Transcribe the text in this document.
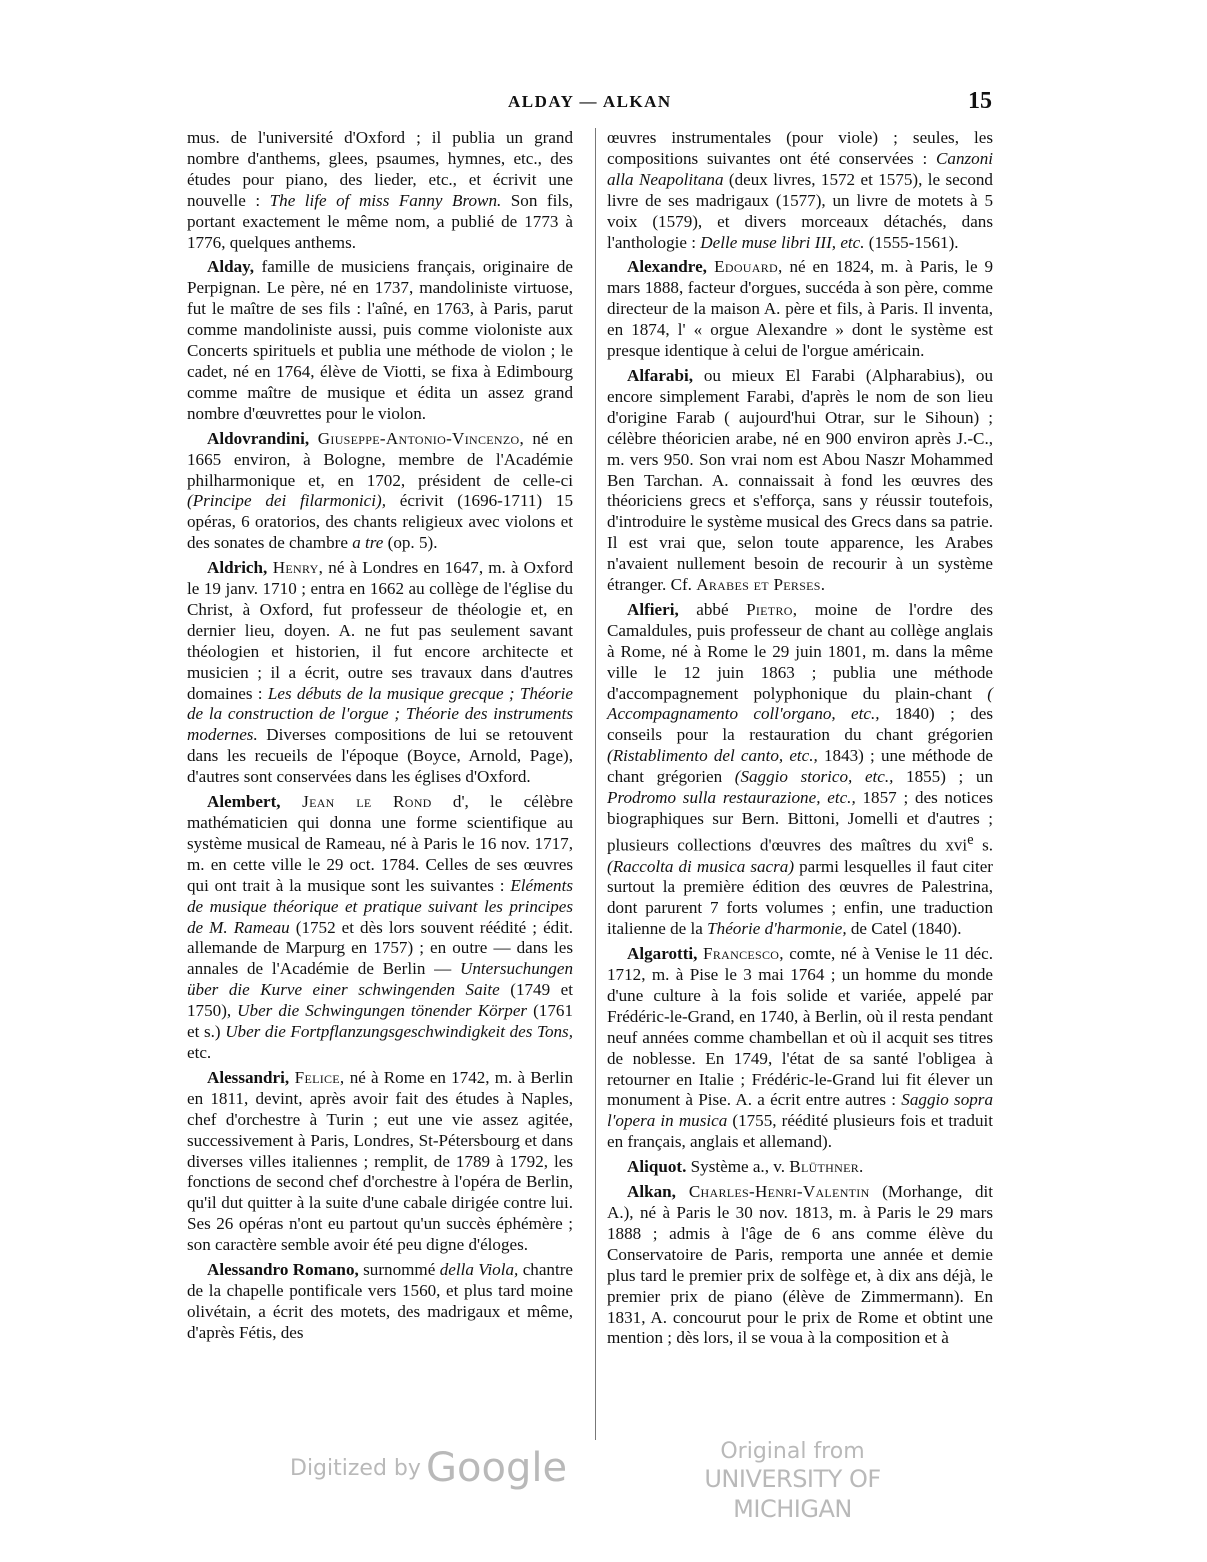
ALDAY — ALKAN	15

mus. de l'université d'Oxford ; il publia un grand nombre d'anthems, glees, psaumes, hymnes, etc., des études pour piano, des lieder, etc., et écrivit une nouvelle : The life of miss Fanny Brown. Son fils, portant exactement le même nom, a publié de 1773 à 1776, quelques anthems.

Alday, famille de musiciens français, originaire de Perpignan. Le père, né en 1737, mandoliniste virtuose, fut le maître de ses fils : l'aîné, en 1763, à Paris, parut comme mandoliniste aussi, puis comme violoniste aux Concerts spirituels et publia une méthode de violon ; le cadet, né en 1764, élève de Viotti, se fixa à Edimbourg comme maître de musique et édita un assez grand nombre d'œuvrettes pour le violon.

Aldovrandini, Giuseppe-Antonio-Vincenzo, né en 1665 environ, à Bologne, membre de l'Académie philharmonique et, en 1702, président de celle-ci (Principe dei filarmonici), écrivit (1696-1711) 15 opéras, 6 oratorios, des chants religieux avec violons et des sonates de chambre a tre (op. 5).

Aldrich, Henry, né à Londres en 1647, m. à Oxford le 19 janv. 1710 ; entra en 1662 au collège de l'église du Christ, à Oxford, fut professeur de théologie et, en dernier lieu, doyen. A. ne fut pas seulement savant théologien et historien, il fut encore architecte et musicien ; il a écrit, outre ses travaux dans d'autres domaines : Les débuts de la musique grecque ; Théorie de la construction de l'orgue ; Théorie des instruments modernes. Diverses compositions de lui se retouvent dans les recueils de l'époque (Boyce, Arnold, Page), d'autres sont conservées dans les églises d'Oxford.

Alembert, Jean le Rond d', le célèbre mathématicien qui donna une forme scientifique au système musical de Rameau, né à Paris le 16 nov. 1717, m. en cette ville le 29 oct. 1784. Celles de ses œuvres qui ont trait à la musique sont les suivantes : Eléments de musique théorique et pratique suivant les principes de M. Rameau (1752 et dès lors souvent réédité ; édit. allemande de Marpurg en 1757) ; en outre — dans les annales de l'Académie de Berlin — Untersuchungen über die Kurve einer schwingenden Saite (1749 et 1750), Uber die Schwingungen tönender Körper (1761 et s.) Uber die Fortpflanzungsgeschwindigkeit des Tons, etc.

Alessandri, Felice, né à Rome en 1742, m. à Berlin en 1811, devint, après avoir fait des études à Naples, chef d'orchestre à Turin ; eut une vie assez agitée, successivement à Paris, Londres, St-Pétersbourg et dans diverses villes italiennes ; remplit, de 1789 à 1792, les fonctions de second chef d'orchestre à l'opéra de Berlin, qu'il dut quitter à la suite d'une cabale dirigée contre lui. Ses 26 opéras n'ont eu partout qu'un succès éphémère ; son caractère semble avoir été peu digne d'éloges.

Alessandro Romano, surnommé della Viola, chantre de la chapelle pontificale vers 1560, et plus tard moine olivétain, a écrit des motets, des madrigaux et même, d'après Fétis, des

œuvres instrumentales (pour viole) ; seules, les compositions suivantes ont été conservées : Canzoni alla Neapolitana (deux livres, 1572 et 1575), le second livre de ses madrigaux (1577), un livre de motets à 5 voix (1579), et divers morceaux détachés, dans l'anthologie : Delle muse libri III, etc. (1555-1561).

Alexandre, Edouard, né en 1824, m. à Paris, le 9 mars 1888, facteur d'orgues, succéda à son père, comme directeur de la maison A. père et fils, à Paris. Il inventa, en 1874, l' « orgue Alexandre » dont le système est presque identique à celui de l'orgue américain.

Alfarabi, ou mieux El Farabi (Alpharabius), ou encore simplement Farabi, d'après le nom de son lieu d'origine Farab ( aujourd'hui Otrar, sur le Sihoun) ; célèbre théoricien arabe, né en 900 environ après J.-C., m. vers 950. Son vrai nom est Abou Naszr Mohammed Ben Tarchan. A. connaissait à fond les œuvres des théoriciens grecs et s'efforça, sans y réussir toutefois, d'introduire le système musical des Grecs dans sa patrie. Il est vrai que, selon toute apparence, les Arabes n'avaient nullement besoin de recourir à un système étranger. Cf. Arabes et Perses.

Alfieri, abbé Pietro, moine de l'ordre des Camaldules, puis professeur de chant au collège anglais à Rome, né à Rome le 29 juin 1801, m. dans la même ville le 12 juin 1863 ; publia une méthode d'accompagnement polyphonique du plain-chant ( Accompagnamento coll'organo, etc., 1840) ; des conseils pour la restauration du chant grégorien (Ristablimento del canto, etc., 1843) ; une méthode de chant grégorien (Saggio storico, etc., 1855) ; un Prodromo sulla restaurazione, etc., 1857 ; des notices biographiques sur Bern. Bittoni, Jomelli et d'autres ; plusieurs collections d'œuvres des maîtres du xvi$^e$ s. (Raccolta di musica sacra) parmi lesquelles il faut citer surtout la première édition des œuvres de Palestrina, dont parurent 7 forts volumes ; enfin, une traduction italienne de la Théorie d'harmonie, de Catel (1840).

Algarotti, Francesco, comte, né à Venise le 11 déc. 1712, m. à Pise le 3 mai 1764 ; un homme du monde d'une culture à la fois solide et variée, appelé par Frédéric-le-Grand, en 1740, à Berlin, où il resta pendant neuf années comme chambellan et où il acquit ses titres de noblesse. En 1749, l'état de sa santé l'obligea à retourner en Italie ; Frédéric-le-Grand lui fit élever un monument à Pise. A. a écrit entre autres : Saggio sopra l'opera in musica (1755, réédité plusieurs fois et traduit en français, anglais et allemand).

Aliquot. Système a., v. Blüthner.

Alkan, Charles-Henri-Valentin (Morhange, dit A.), né à Paris le 30 nov. 1813, m. à Paris le 29 mars 1888 ; admis à l'âge de 6 ans comme élève du Conservatoire de Paris, remporta une année et demie plus tard le premier prix de solfège et, à dix ans déjà, le premier prix de piano (élève de Zimmermann). En 1831, A. concourut pour le prix de Rome et obtint une mention ; dès lors, il se voua à la composition et à

Digitized by Google	Original from
UNIVERSITY OF MICHIGAN
